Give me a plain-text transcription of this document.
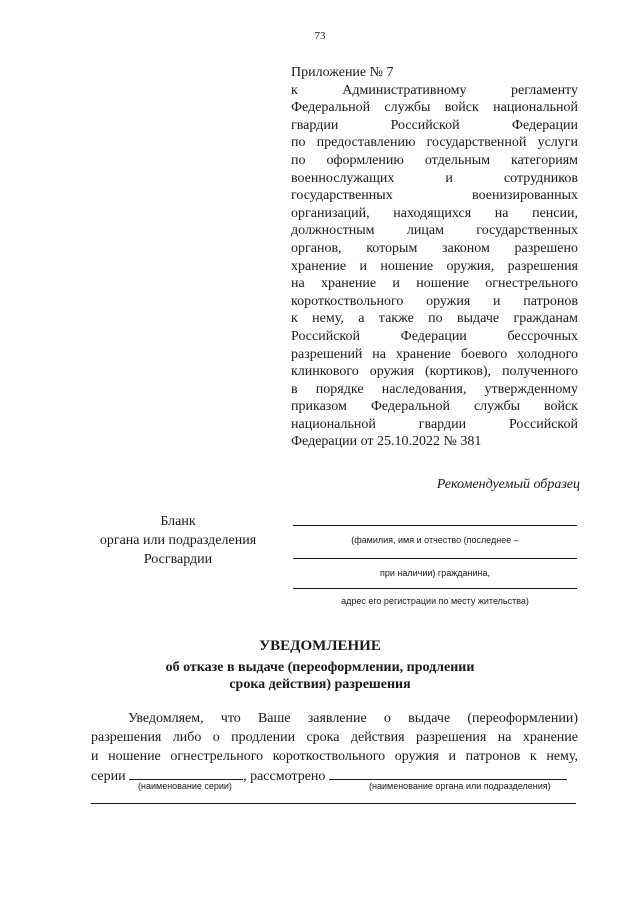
73
Приложение № 7
к Административному регламенту
Федеральной службы войск национальной
гвардии Российской Федерации
по предоставлению государственной услуги
по оформлению отдельным категориям
военнослужащих и сотрудников
государственных военизированных
организаций, находящихся на пенсии,
должностным лицам государственных
органов, которым законом разрешено
хранение и ношение оружия, разрешения
на хранение и ношение огнестрельного
короткоствольного оружия и патронов
к нему, а также по выдаче гражданам
Российской Федерации бессрочных
разрешений на хранение боевого холодного
клинкового оружия (кортиков), полученного
в порядке наследования, утвержденному
приказом Федеральной службы войск
национальной гвардии Российской
Федерации от 25.10.2022 № 381
Рекомендуемый образец
Бланк
органа или подразделения
Росгвардии
(фамилия, имя и отчество (последнее –
при наличии) гражданина,
адрес его регистрации по месту жительства)
УВЕДОМЛЕНИЕ
об отказе в выдаче (переоформлении, продлении
срока действия) разрешения
Уведомляем, что Ваше заявление о выдаче (переоформлении)
разрешения либо о продлении срока действия разрешения на хранение
и ношение огнестрельного короткоствольного оружия и патронов к нему,
серии	, рассмотрено
(наименование серии)	(наименование органа или подразделения)
